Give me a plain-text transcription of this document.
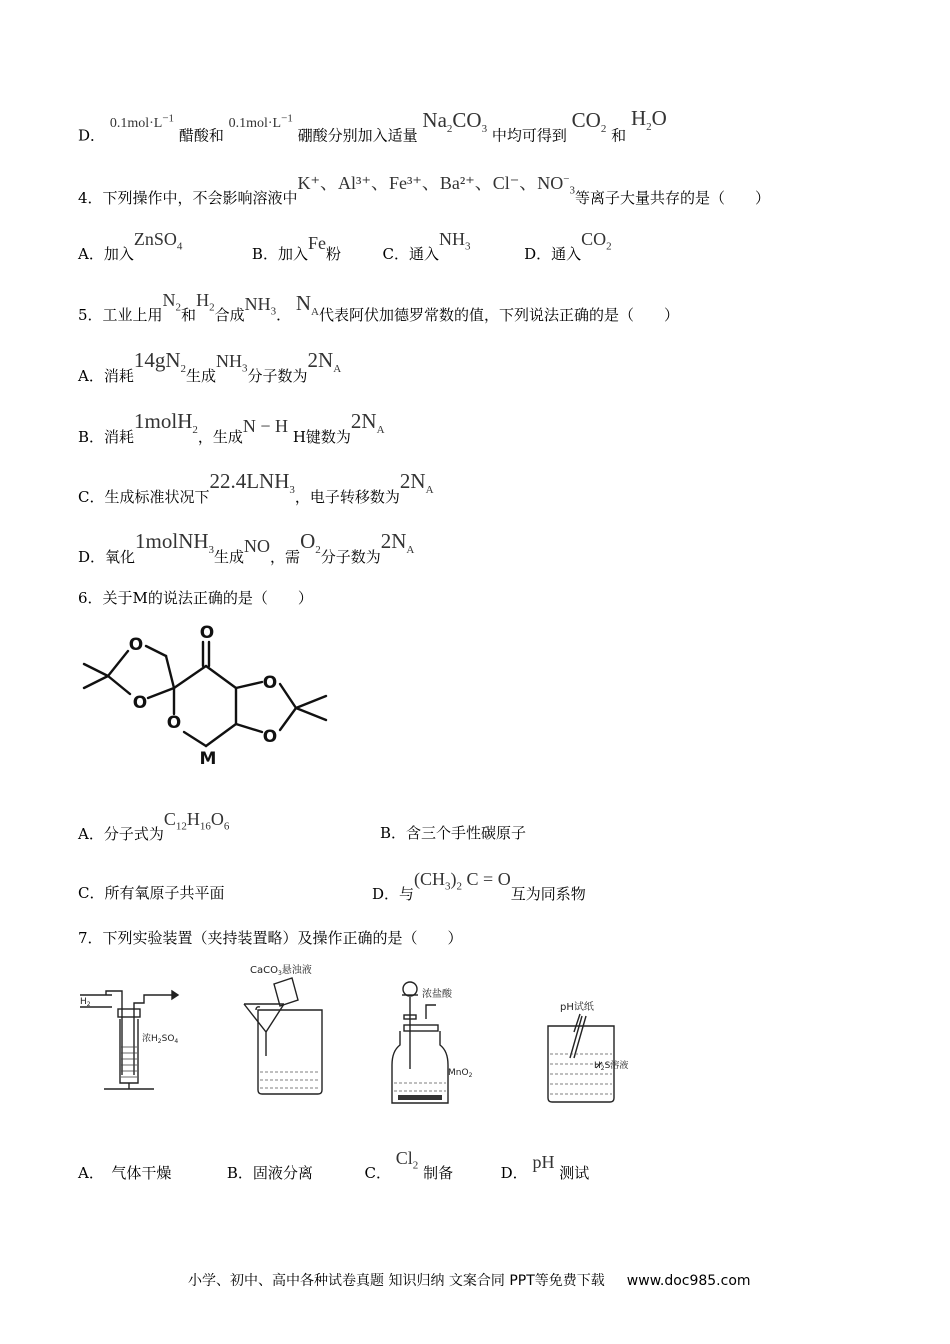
D． $0.1mol\cdot L^{-1}$ 醋酸和 $0.1mol\cdot L^{-1}$ 硼酸分别加入适量 $Na_2CO_3$ 中均可得到 $CO_2$ 和 $H_2O$
4．下列操作中，不会影响溶液中K⁺、Al³⁺、Fe³⁺、Ba²⁺、Cl⁻、$NO^-_3$等离子大量共存的是（　　）
A．加入ZnSO$_4$	B．加入Fe粉	C．通入$NH_3$	D．通入$CO_2$
5．工业上用$N_2$和$H_2$合成$NH_3$． $N_A$代表阿伏加德罗常数的值，下列说法正确的是（　　）
A．消耗$14gN_2$生成$NH_3$分子数为$2N_A$
B．消耗1molH$_2$，生成N − H H键数为$2N_A$
C．生成标准状况下$22.4LNH_3$，电子转移数为$2N_A$
D．氧化1molNH$_3$生成NO，需$O_2$分子数为$2N_A$
6．关于M的说法正确的是（　　）
O
O
O
O
O
O
M
A．分子式为$C_{12}H_{16}O_6$	B．含三个手性碳原子
C．所有氧原子共平面	D．与$(CH_3)_2$ C = O互为同系物
7．下列实验装置（夹持装置略）及操作正确的是（　　）
$H_2$
浓$H_2SO_4$
CaCO$_3$悬浊液
浓盐酸
MnO$_2$
pH试纸
$H_2S$溶液
A．　气体干燥	B．固液分离	C． $Cl_2$ 制备	D． pH 测试
小学、初中、高中各种试卷真题 知识归纳 文案合同 PPT等免费下载 www.doc985.com
